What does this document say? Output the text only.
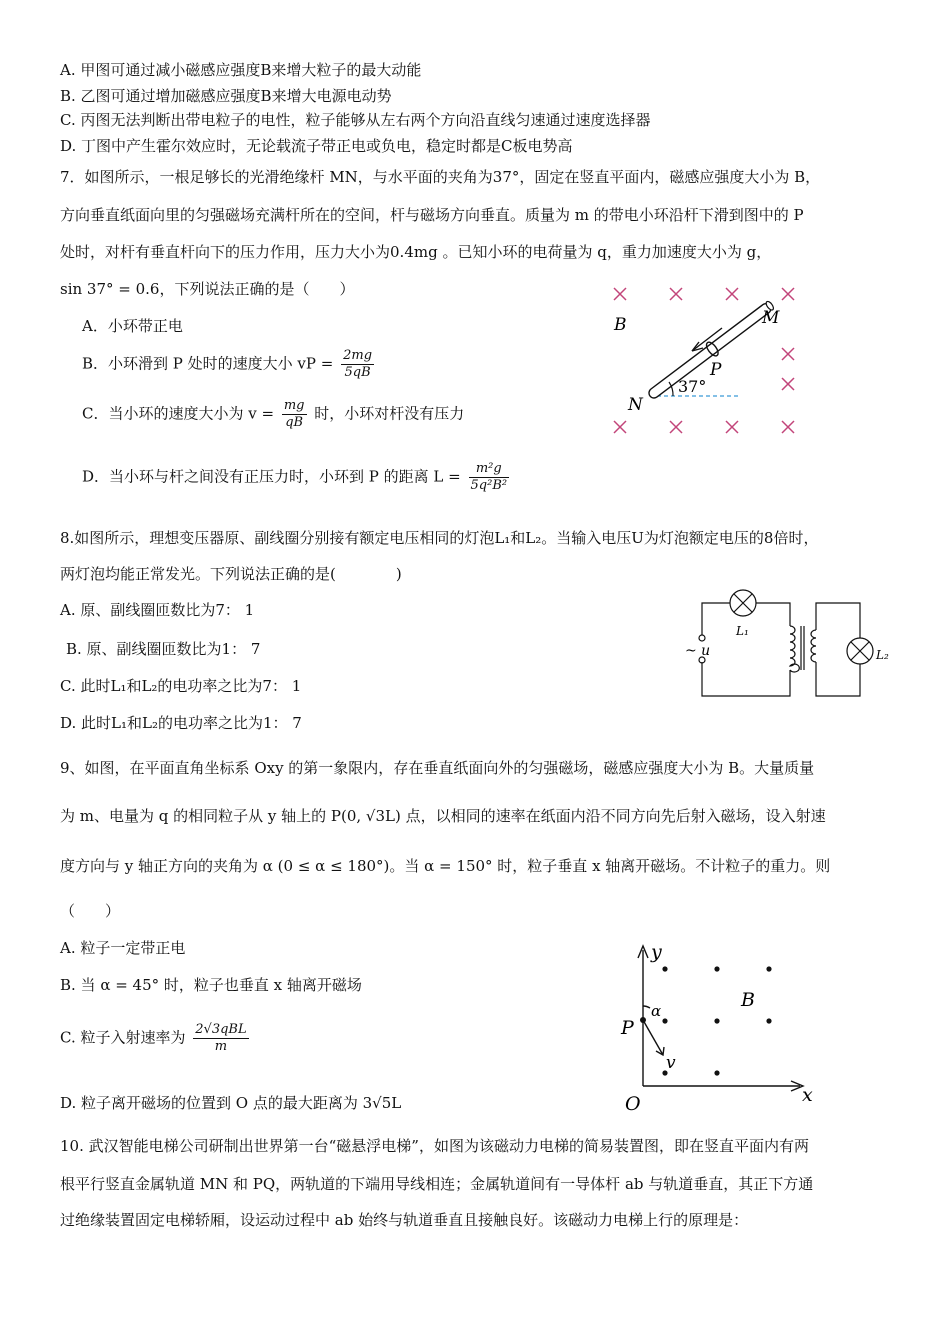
A. 甲图可通过减小磁感应强度B来增大粒子的最大动能
B. 乙图可通过增加磁感应强度B来增大电源电动势
C. 丙图无法判断出带电粒子的电性，粒子能够从左右两个方向沿直线匀速通过速度选择器
D. 丁图中产生霍尔效应时，无论载流子带正电或负电，稳定时都是C板电势高
7．如图所示，一根足够长的光滑绝缘杆 MN，与水平面的夹角为37°，固定在竖直平面内，磁感应强度大小为 B，
方向垂直纸面向里的匀强磁场充满杆所在的空间，杆与磁场方向垂直。质量为 m 的带电小环沿杆下滑到图中的 P
处时，对杆有垂直杆向下的压力作用，压力大小为0.4mg 。已知小环的电荷量为 q，重力加速度大小为 g，
sin 37° = 0.6，下列说法正确的是（　　）
A．小环带正电
B．小环滑到 P 处时的速度大小 vP = $\frac{2mg}{5qB}$
C．当小环的速度大小为 $v = \frac{mg}{qB}$ 时，小环对杆没有压力
D．当小环与杆之间没有正压力时，小环到 P 的距离 $L = \frac{\text{m²g}}{\text{5q²B²}}$
B	M
N
P
37°
8.如图所示，理想变压器原、副线圈分别接有额定电压相同的灯泡L₁和L₂。当输入电压U为灯泡额定电压的8倍时，
两灯泡均能正常发光。下列说法正确的是(　　　　)
A. 原、副线圈匝数比为7： 1
B. 原、副线圈匝数比为1： 7
C. 此时L₁和L₂的电功率之比为7： 1
D. 此时L₁和L₂的电功率之比为1： 7
~ u
L₁
L₂
9、如图，在平面直角坐标系 Oxy 的第一象限内，存在垂直纸面向外的匀强磁场，磁感应强度大小为 B。大量质量
为 m、电量为 q 的相同粒子从 y 轴上的 P(0, √3L) 点，以相同的速率在纸面内沿不同方向先后射入磁场，设入射速
度方向与 y 轴正方向的夹角为 α (0 ≤ α ≤ 180°)。当 α = 150° 时，粒子垂直 x 轴离开磁场。不计粒子的重力。则
（　　）
A. 粒子一定带正电
B. 当 α = 45° 时，粒子也垂直 x 轴离开磁场
C. 粒子入射速率为 2√3qBL
m
D. 粒子离开磁场的位置到 O 点的最大距离为 3√5L
y
x
O
P
B
α
v
10. 武汉智能电梯公司研制出世界第一台“磁悬浮电梯”，如图为该磁动力电梯的简易装置图，即在竖直平面内有两
根平行竖直金属轨道 MN 和 PQ，两轨道的下端用导线相连；金属轨道间有一导体杆 ab 与轨道垂直，其正下方通
过绝缘装置固定电梯轿厢，设运动过程中 ab 始终与轨道垂直且接触良好。该磁动力电梯上行的原理是：
